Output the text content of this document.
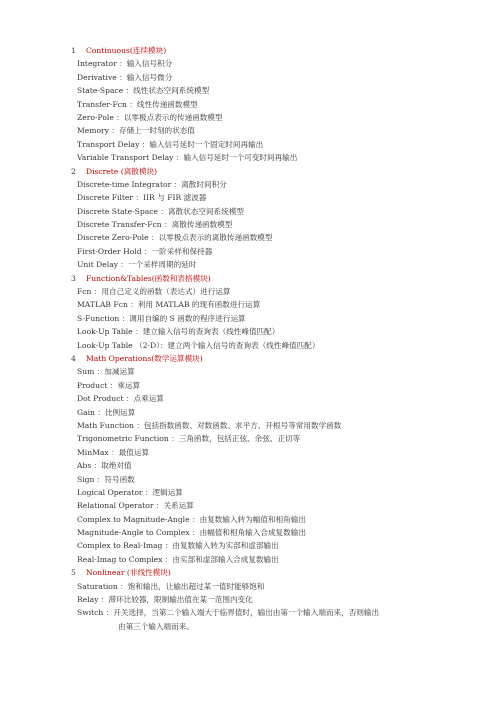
1 Continuous(连续模块)
Integrator ：输入信号积分
Derivative ：输入信号微分
State-Space ：线性状态空间系统模型
Transfer-Fcn ：线性传递函数模型
Zero-Pole ：以零极点表示的传递函数模型
Memory ：存储上一时刻的状态值
Transport Delay ：输入信号延时一个固定时间再输出
Variable Transport Delay ：输入信号延时一个可变时间再输出
2 Discrete (离散模块)
Discrete-time Integrator ：离散时间积分
Discrete Filter ：IIR 与 FIR 滤波器
Discrete State-Space ：离散状态空间系统模型
Discrete Transfer-Fcn ：离散传递函数模型
Discrete Zero-Pole ：以零极点表示的离散传递函数模型
First-Order Hold ：一阶采样和保持器
Unit Delay ：一个采样周期的延时
3 Function&Tables(函数和表格模块)
Fcn ：用自己定义的函数（表达式）进行运算
MATLAB Fcn ：利用 MATLAB 的现有函数进行运算
S-Function ：调用自编的 S 函数的程序进行运算
Look-Up Table ：建立输入信号的查询表（线性峰值匹配）
Look-Up Table （2-D）：建立两个输入信号的查询表（线性峰值匹配）
4 Math Operations(数学运算模块)
Sum ：加减运算
Product ：乘运算
Dot Product ：点乘运算
Gain ：比例运算
Math Function ：包括指数函数、对数函数、求平方、开根号等常用数学函数
Trigonometric Function ：三角函数，包括正弦、余弦、正切等
MinMax ：最值运算
Abs ：取绝对值
Sign ：符号函数
Logical Operator ：逻辑运算
Relational Operator ：关系运算
Complex to Magnitude-Angle ：由复数输入转为幅值和相角输出
Magnitude-Angle to Complex ：由幅值和相角输入合成复数输出
Complex to Real-Imag ：由复数输入转为实部和虚部输出
Real-Imag to Complex ：由实部和虚部输入合成复数输出
5 Nonlinear (非线性模块)
Saturation ：饱和输出，让输出超过某一值时能够饱和
Relay ：滞环比较器，限制输出值在某一范围内变化
Switch ：开关选择，当第二个输入端大于临界值时，输出由第一个输入端而来，否则输出
由第三个输入端而来。
